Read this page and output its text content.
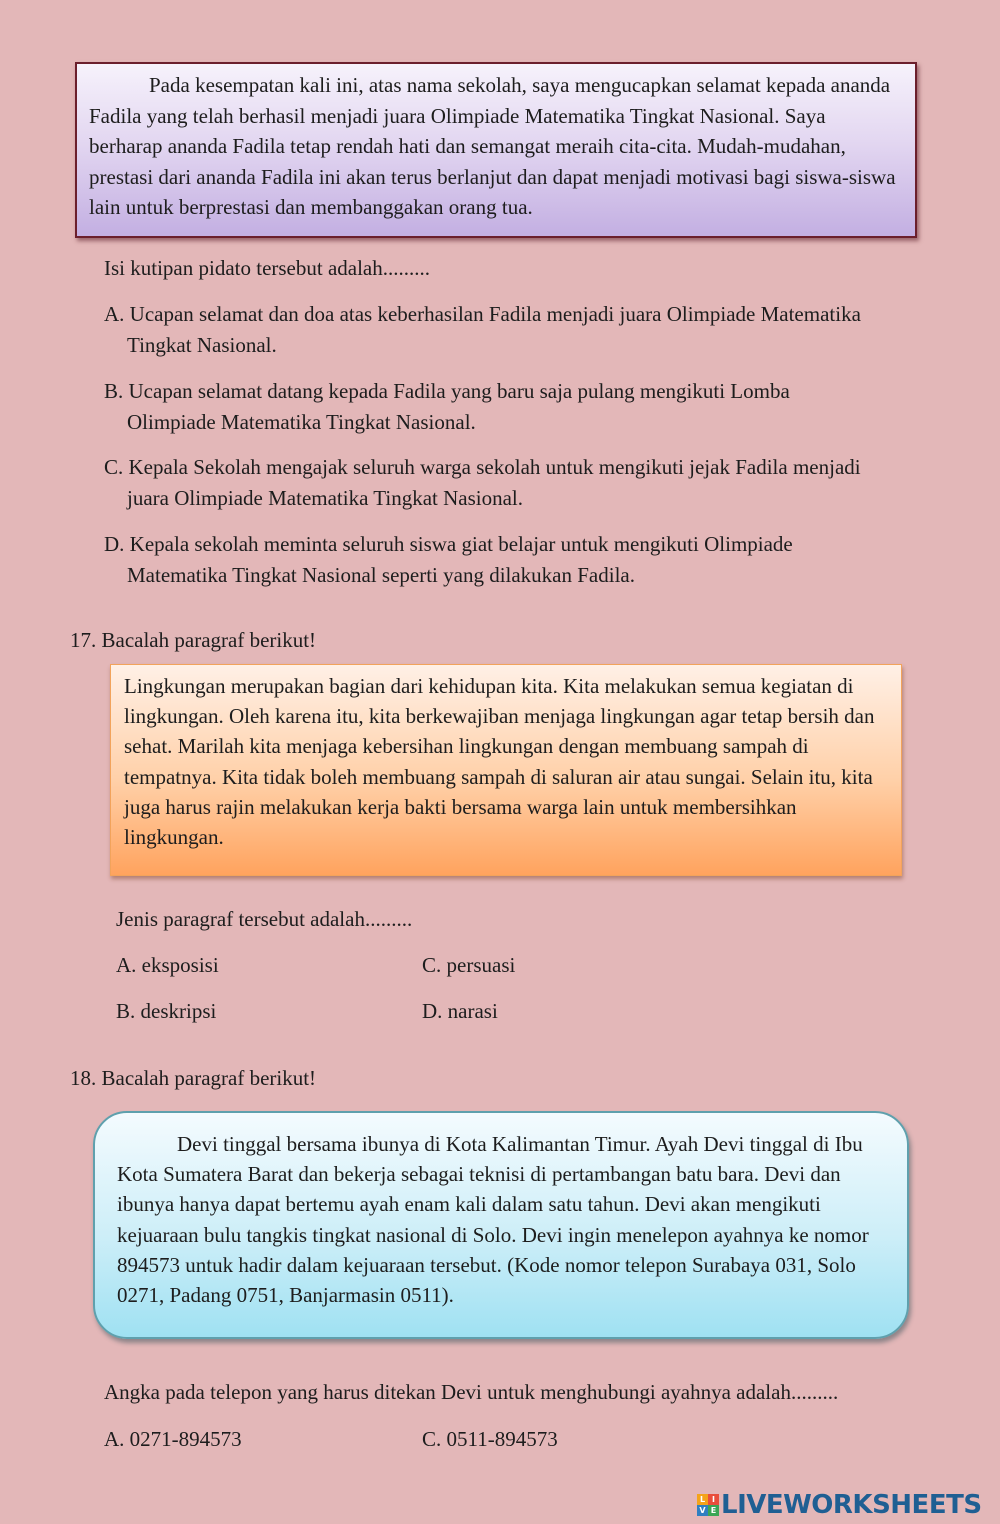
Pada kesempatan kali ini, atas nama sekolah, saya mengucapkan selamat kepada ananda Fadila yang telah berhasil menjadi juara Olimpiade Matematika Tingkat Nasional. Saya berharap ananda Fadila tetap rendah hati dan semangat meraih cita-cita. Mudah-mudahan, prestasi dari ananda Fadila ini akan terus berlanjut dan dapat menjadi motivasi bagi siswa-siswa lain untuk berprestasi dan membanggakan orang tua.

Isi kutipan pidato tersebut adalah.........
A. Ucapan selamat dan doa atas keberhasilan Fadila menjadi juara Olimpiade Matematika
Tingkat Nasional.
B. Ucapan selamat datang kepada Fadila yang baru saja pulang mengikuti Lomba
Olimpiade Matematika Tingkat Nasional.
C. Kepala Sekolah mengajak seluruh warga sekolah untuk mengikuti jejak Fadila menjadi
juara Olimpiade Matematika Tingkat Nasional.
D. Kepala sekolah meminta seluruh siswa giat belajar untuk mengikuti Olimpiade
Matematika Tingkat Nasional seperti yang dilakukan Fadila.
17. Bacalah paragraf berikut!

Lingkungan merupakan bagian dari kehidupan kita. Kita melakukan semua kegiatan di lingkungan. Oleh karena itu, kita berkewajiban menjaga lingkungan agar tetap bersih dan sehat. Marilah kita menjaga kebersihan lingkungan dengan membuang sampah di tempatnya. Kita tidak boleh membuang sampah di saluran air atau sungai. Selain itu, kita juga harus rajin melakukan kerja bakti bersama warga lain untuk membersihkan lingkungan.

Jenis paragraf tersebut adalah.........
A. eksposisi	C. persuasi
B. deskripsi	D. narasi
18. Bacalah paragraf berikut!

Devi tinggal bersama ibunya di Kota Kalimantan Timur. Ayah Devi tinggal di Ibu Kota Sumatera Barat dan bekerja sebagai teknisi di pertambangan batu bara. Devi dan ibunya hanya dapat bertemu ayah enam kali dalam satu tahun. Devi akan mengikuti kejuaraan bulu tangkis tingkat nasional di Solo. Devi ingin menelepon ayahnya ke nomor 894573 untuk hadir dalam kejuaraan tersebut. (Kode nomor telepon Surabaya 031, Solo 0271, Padang 0751, Banjarmasin 0511).

Angka pada telepon yang harus ditekan Devi untuk menghubungi ayahnya adalah.........
A. 0271-894573	C. 0511-894573
L I
V E LIVEWORKSHEETS
